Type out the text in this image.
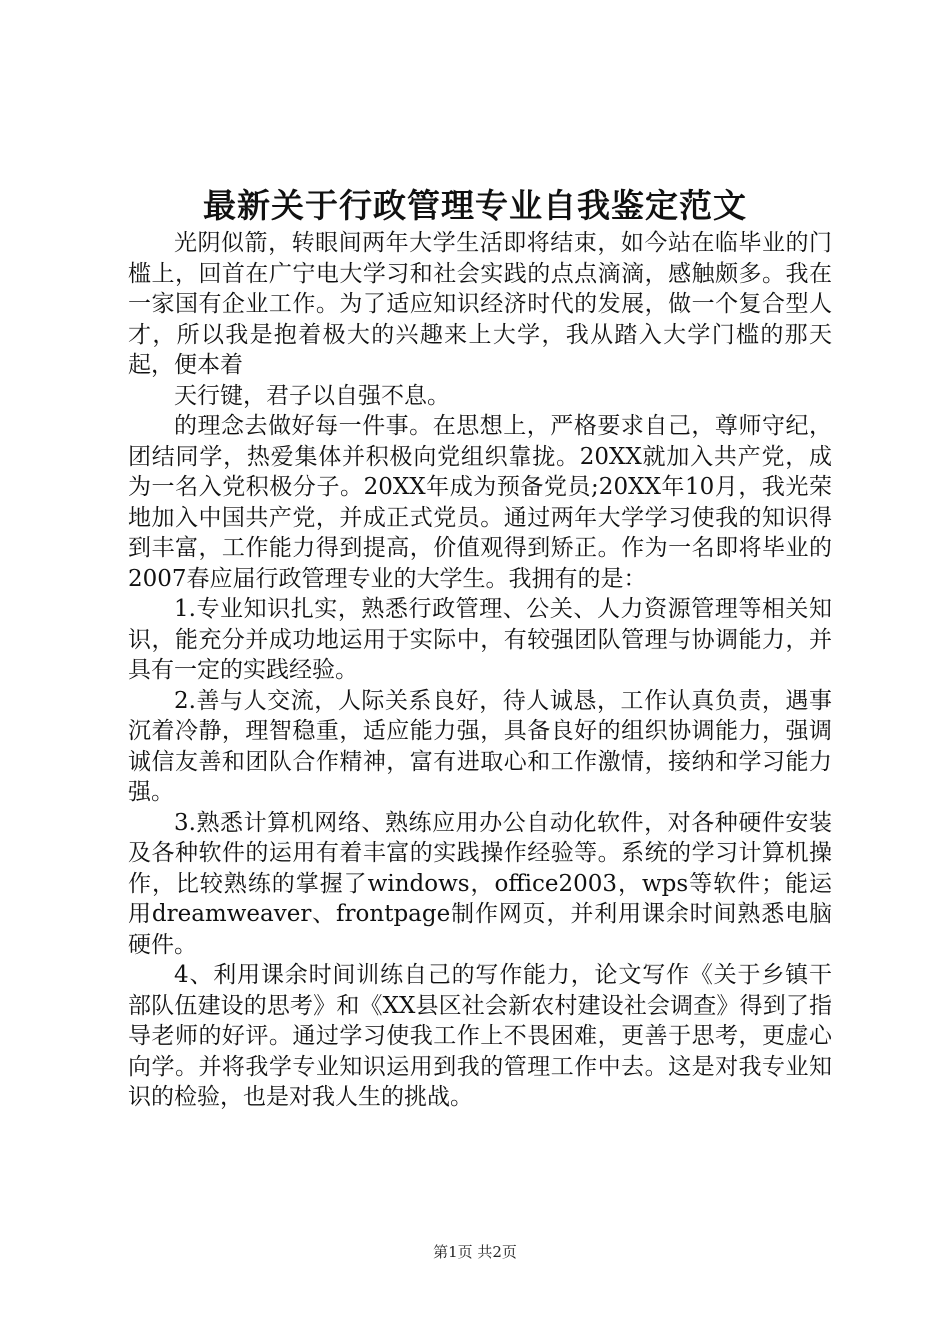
最新关于行政管理专业自我鉴定范文

光阴似箭，转眼间两年大学生活即将结束，如今站在临毕业的门槛上，回首在广宁电大学习和社会实践的点点滴滴，感触颇多。我在一家国有企业工作。为了适应知识经济时代的发展，做一个复合型人才，所以我是抱着极大的兴趣来上大学，我从踏入大学门槛的那天起，便本着

天行键，君子以自强不息。

的理念去做好每一件事。在思想上，严格要求自己，尊师守纪，团结同学，热爱集体并积极向党组织靠拢。20XX就加入共产党，成为一名入党积极分子。20XX年成为预备党员;20XX年10月，我光荣地加入中国共产党，并成正式党员。通过两年大学学习使我的知识得到丰富，工作能力得到提高，价值观得到矫正。作为一名即将毕业的2007春应届行政管理专业的大学生。我拥有的是：

1.专业知识扎实，熟悉行政管理、公关、人力资源管理等相关知识，能充分并成功地运用于实际中，有较强团队管理与协调能力，并具有一定的实践经验。

2.善与人交流，人际关系良好，待人诚恳，工作认真负责，遇事沉着冷静，理智稳重，适应能力强，具备良好的组织协调能力，强调诚信友善和团队合作精神，富有进取心和工作激情，接纳和学习能力强。

3.熟悉计算机网络、熟练应用办公自动化软件，对各种硬件安装及各种软件的运用有着丰富的实践操作经验等。系统的学习计算机操作，比较熟练的掌握了windows，office2003，wps等软件；能运用dreamweaver、frontpage制作网页，并利用课余时间熟悉电脑硬件。

4、利用课余时间训练自己的写作能力，论文写作《关于乡镇干部队伍建设的思考》和《XX县区社会新农村建设社会调查》得到了指导老师的好评。通过学习使我工作上不畏困难，更善于思考，更虚心向学。并将我学专业知识运用到我的管理工作中去。这是对我专业知识的检验，也是对我人生的挑战。

第1页 共2页
